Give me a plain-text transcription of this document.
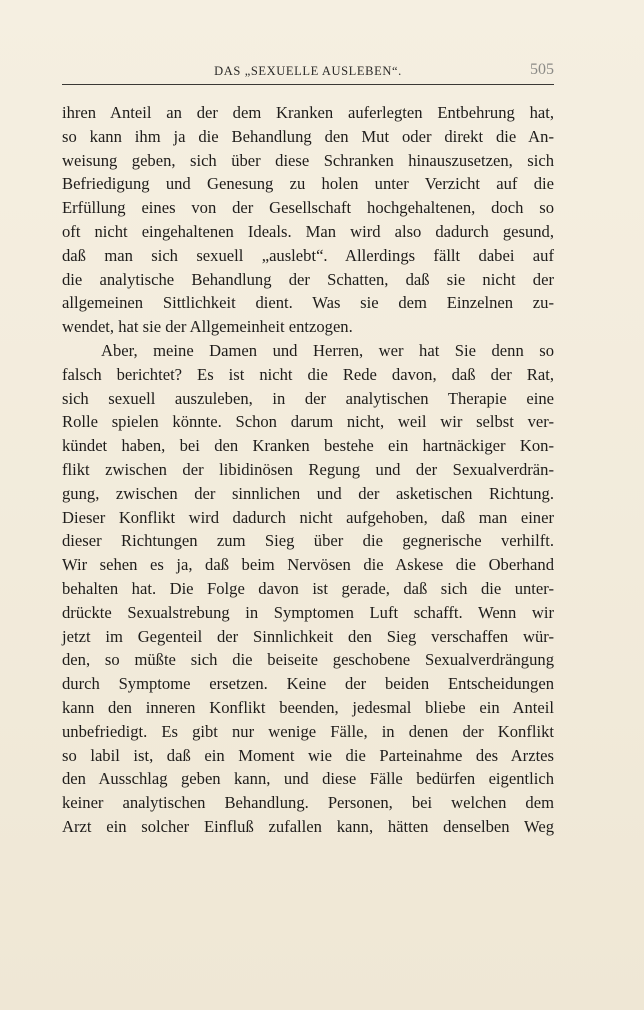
DAS „SEXUELLE AUSLEBEN“.	505
ihren Anteil an der dem Kranken auferlegten Entbehrung hat,
so kann ihm ja die Behandlung den Mut oder direkt die An-
weisung geben, sich über diese Schranken hinauszusetzen, sich
Befriedigung und Genesung zu holen unter Verzicht auf die
Erfüllung eines von der Gesellschaft hochgehaltenen, doch so
oft nicht eingehaltenen Ideals. Man wird also dadurch gesund,
daß man sich sexuell „auslebt“. Allerdings fällt dabei auf
die analytische Behandlung der Schatten, daß sie nicht der
allgemeinen Sittlichkeit dient. Was sie dem Einzelnen zu-
wendet, hat sie der Allgemeinheit entzogen.
Aber, meine Damen und Herren, wer hat Sie denn so
falsch berichtet? Es ist nicht die Rede davon, daß der Rat,
sich sexuell auszuleben, in der analytischen Therapie eine
Rolle spielen könnte. Schon darum nicht, weil wir selbst ver-
kündet haben, bei den Kranken bestehe ein hartnäckiger Kon-
flikt zwischen der libidinösen Regung und der Sexualverdrän-
gung, zwischen der sinnlichen und der asketischen Richtung.
Dieser Konflikt wird dadurch nicht aufgehoben, daß man einer
dieser Richtungen zum Sieg über die gegnerische verhilft.
Wir sehen es ja, daß beim Nervösen die Askese die Oberhand
behalten hat. Die Folge davon ist gerade, daß sich die unter-
drückte Sexualstrebung in Symptomen Luft schafft. Wenn wir
jetzt im Gegenteil der Sinnlichkeit den Sieg verschaffen wür-
den, so müßte sich die beiseite geschobene Sexualverdrängung
durch Symptome ersetzen. Keine der beiden Entscheidungen
kann den inneren Konflikt beenden, jedesmal bliebe ein Anteil
unbefriedigt. Es gibt nur wenige Fälle, in denen der Konflikt
so labil ist, daß ein Moment wie die Parteinahme des Arztes
den Ausschlag geben kann, und diese Fälle bedürfen eigentlich
keiner analytischen Behandlung. Personen, bei welchen dem
Arzt ein solcher Einfluß zufallen kann, hätten denselben Weg
